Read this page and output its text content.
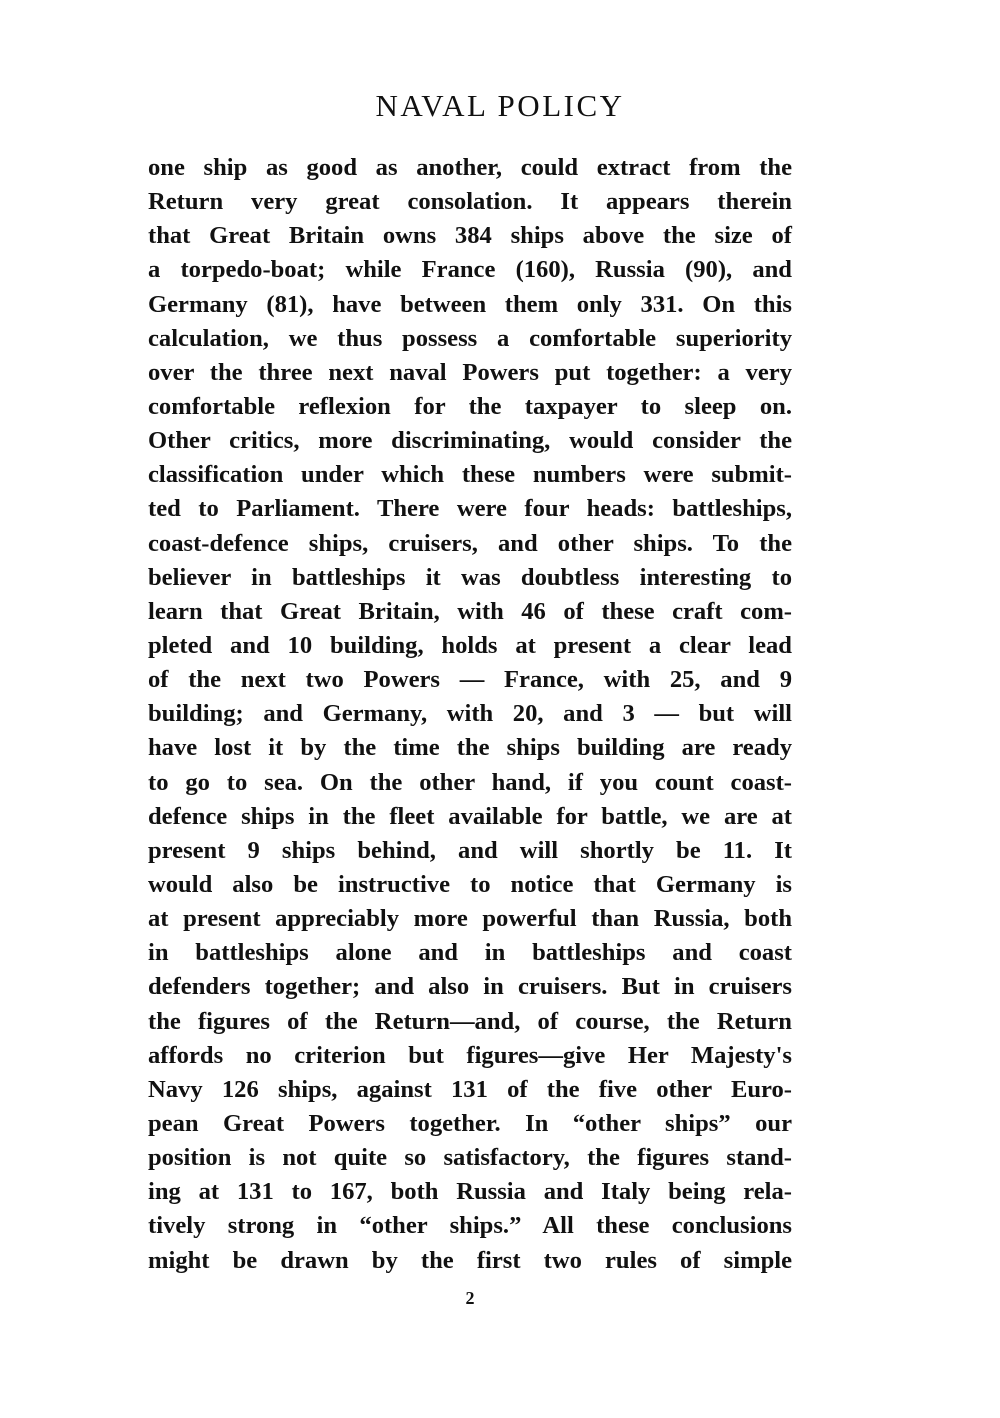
NAVAL POLICY
one ship as good as another, could extract from the
Return very great consolation. It appears therein
that Great Britain owns 384 ships above the size of
a torpedo-boat; while France (160), Russia (90), and
Germany (81), have between them only 331. On this
calculation, we thus possess a comfortable superiority
over the three next naval Powers put together: a very
comfortable reflexion for the taxpayer to sleep on.
Other critics, more discriminating, would consider the
classification under which these numbers were submit-
ted to Parliament. There were four heads: battleships,
coast-defence ships, cruisers, and other ships. To the
believer in battleships it was doubtless interesting to
learn that Great Britain, with 46 of these craft com-
pleted and 10 building, holds at present a clear lead
of the next two Powers — France, with 25, and 9
building; and Germany, with 20, and 3 — but will
have lost it by the time the ships building are ready
to go to sea. On the other hand, if you count coast-
defence ships in the fleet available for battle, we are at
present 9 ships behind, and will shortly be 11. It
would also be instructive to notice that Germany is
at present appreciably more powerful than Russia, both
in battleships alone and in battleships and coast
defenders together; and also in cruisers. But in cruisers
the figures of the Return—and, of course, the Return
affords no criterion but figures—give Her Majesty's
Navy 126 ships, against 131 of the five other Euro-
pean Great Powers together. In “other ships” our
position is not quite so satisfactory, the figures stand-
ing at 131 to 167, both Russia and Italy being rela-
tively strong in “other ships.” All these conclusions
might be drawn by the first two rules of simple
2
